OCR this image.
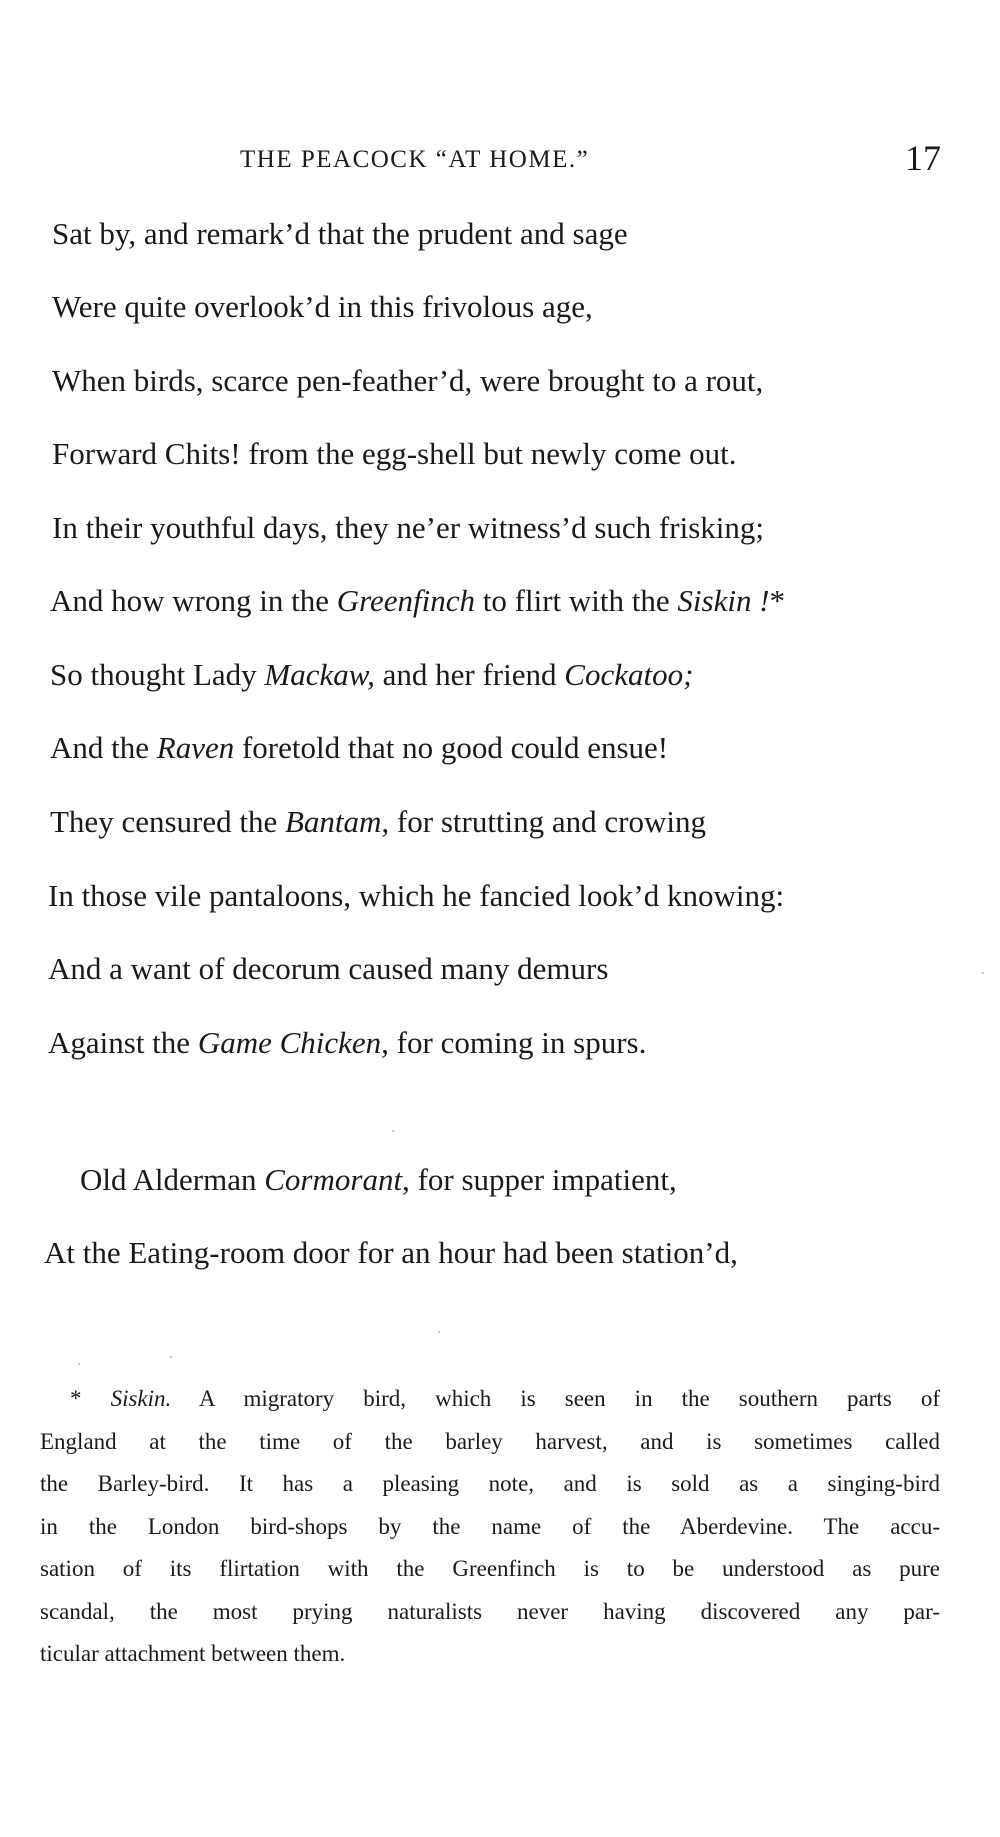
THE PEACOCK “AT HOME.”	17
Sat by, and remark’d that the prudent and sage
Were quite overlook’d in this frivolous age,
When birds, scarce pen-feather’d, were brought to a rout,
Forward Chits! from the egg-shell but newly come out.
In their youthful days, they ne’er witness’d such frisking;
And how wrong in the Greenfinch to flirt with the Siskin !*
So thought Lady Mackaw, and her friend Cockatoo;
And the Raven foretold that no good could ensue!
They censured the Bantam, for strutting and crowing
In those vile pantaloons, which he fancied look’d knowing:
And a want of decorum caused many demurs
Against the Game Chicken, for coming in spurs.
Old Alderman Cormorant, for supper impatient,
At the Eating-room door for an hour had been station’d,
* Siskin. A migratory bird, which is seen in the southern parts of
England at the time of the barley harvest, and is sometimes called
the Barley-bird. It has a pleasing note, and is sold as a singing-bird
in the London bird-shops by the name of the Aberdevine. The accu-
sation of its flirtation with the Greenfinch is to be understood as pure
scandal, the most prying naturalists never having discovered any par-
ticular attachment between them.
